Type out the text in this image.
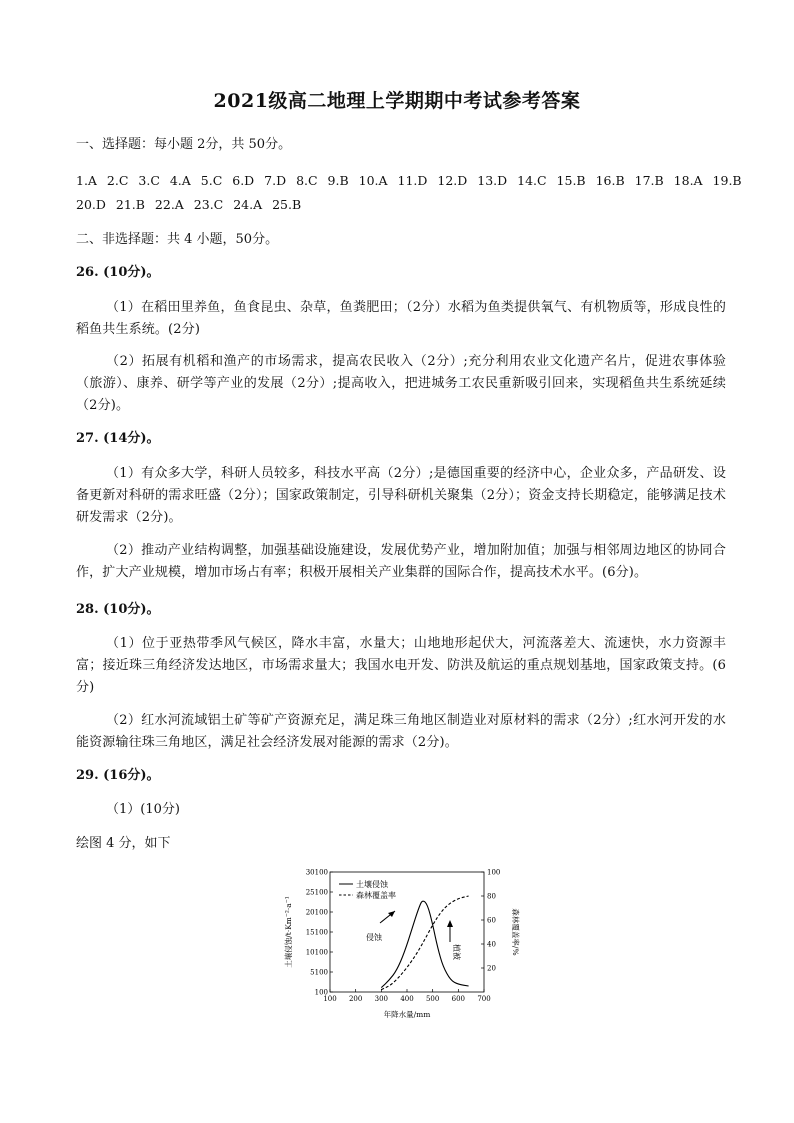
2021级高二地理上学期期中考试参考答案
一、选择题：每小题 2分，共 50分。
1.A 2.C 3.C 4.A 5.C 6.D 7.D 8.C 9.B 10.A 11.D 12.D 13.D 14.C 15.B 16.B 17.B 18.A 19.B
20.D 21.B 22.A 23.C 24.A 25.B
二、非选择题：共 4 小题，50分。
26. (10分)。
（1）在稻田里养鱼，鱼食昆虫、杂草，鱼粪肥田；（2分）水稻为鱼类提供氧气、有机物质等，形成良性的稻鱼共生系统。(2分)
（2）拓展有机稻和渔产的市场需求，提高农民收入（2分）;充分利用农业文化遗产名片，促进农事体验（旅游）、康养、研学等产业的发展（2分）;提高收入，把进城务工农民重新吸引回来，实现稻鱼共生系统延续（2分)。
27. (14分)。
（1）有众多大学，科研人员较多，科技水平高（2分）;是德国重要的经济中心，企业众多，产品研发、设备更新对科研的需求旺盛（2分）；国家政策制定，引导科研机关聚集（2分）；资金支持长期稳定，能够满足技术研发需求（2分)。
（2）推动产业结构调整，加强基础设施建设，发展优势产业，增加附加值；加强与相邻周边地区的协同合作，扩大产业规模，增加市场占有率；积极开展相关产业集群的国际合作，提高技术水平。(6分)。
28. (10分)。
（1）位于亚热带季风气候区，降水丰富，水量大；山地地形起伏大，河流落差大、流速快，水力资源丰富；接近珠三角经济发达地区，市场需求量大；我国水电开发、防洪及航运的重点规划基地，国家政策支持。(6分)
（2）红水河流域铝土矿等矿产资源充足，满足珠三角地区制造业对原材料的需求（2分）;红水河开发的水能资源输往珠三角地区，满足社会经济发展对能源的需求（2分)。
29. (16分)。
（1）(10分)
绘图 4 分，如下
100 200 300 400 500 600 700
100
5100
10100
15100
20100
25100
30100
20
40
60
80
100
土壤侵蚀/t·Km⁻²·a⁻¹	森林覆盖率/%
年降水量/mm
土壤侵蚀
森林覆盖率
侵蚀
植被
